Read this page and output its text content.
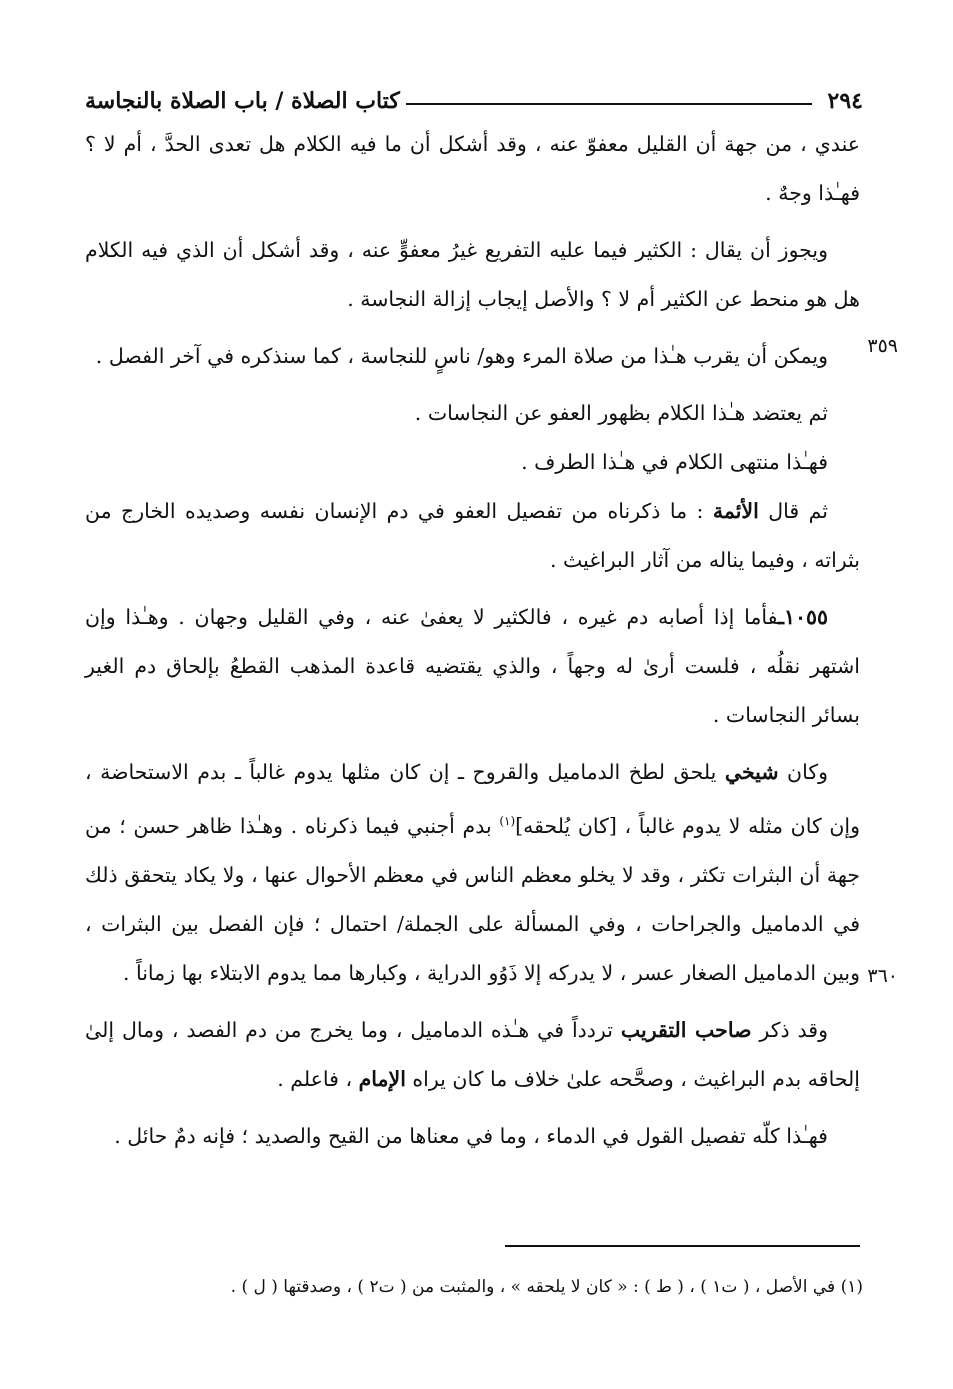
٢٩٤
كتاب الصلاة / باب الصلاة بالنجاسة
٣٥٩
٣٦٠

عندي ، من جهة أن القليل معفوّ عنه ، وقد أشكل أن ما فيه الكلام هل تعدى الحدَّ ، أم لا ؟ فهـٰذا وجهٌ .

ويجوز أن يقال : الكثير فيما عليه التفريع غيرُ معفوٍّ عنه ، وقد أشكل أن الذي فيه الكلام هل هو منحط عن الكثير أم لا ؟ والأصل إيجاب إزالة النجاسة .

ويمكن أن يقرب هـٰذا من صلاة المرء وهو/ ناسٍ للنجاسة ، كما سنذكره في آخر الفصل .

ثم يعتضد هـٰذا الكلام بظهور العفو عن النجاسات .

فهـٰذا منتهى الكلام في هـٰذا الطرف .

ثم قال الأئمة : ما ذكرناه من تفصيل العفو في دم الإنسان نفسه وصديده الخارج من بثراته ، وفيما يناله من آثار البراغيث .

١٠٥٥ـفأما إذا أصابه دم غيره ، فالكثير لا يعفىٰ عنه ، وفي القليل وجهان . وهـٰذا وإن اشتهر نقلُه ، فلست أرىٰ له وجهاً ، والذي يقتضيه قاعدة المذهب القطعُ بإلحاق دم الغير بسائر النجاسات .

وكان شيخي يلحق لطخ الدماميل والقروح ـ إن كان مثلها يدوم غالباً ـ بدم الاستحاضة ، وإن كان مثله لا يدوم غالباً ، [كان يُلحقه]$^{(١)}$ بدم أجنبي فيما ذكرناه . وهـٰذا ظاهر حسن ؛ من جهة أن البثرات تكثر ، وقد لا يخلو معظم الناس في معظم الأحوال عنها ، ولا يكاد يتحقق ذلك في الدماميل والجراحات ، وفي المسألة على الجملة/ احتمال ؛ فإن الفصل بين البثرات ، وبين الدماميل الصغار عسر ، لا يدركه إلا ذَوُو الدراية ، وكبارها مما يدوم الابتلاء بها زماناً .

وقد ذكر صاحب التقريب تردداً في هـٰذه الدماميل ، وما يخرج من دم الفصد ، ومال إلىٰ إلحاقه بدم البراغيث ، وصحَّحه علىٰ خلاف ما كان يراه الإمام ، فاعلم .

فهـٰذا كلّه تفصيل القول في الدماء ، وما في معناها من القيح والصديد ؛ فإنه دمٌ حائل .

(١) في الأصل ، ( ت١ ) ، ( ط ) : « كان لا يلحقه » ، والمثبت من ( ت٢ ) ، وصدقتها ( ل ) .
